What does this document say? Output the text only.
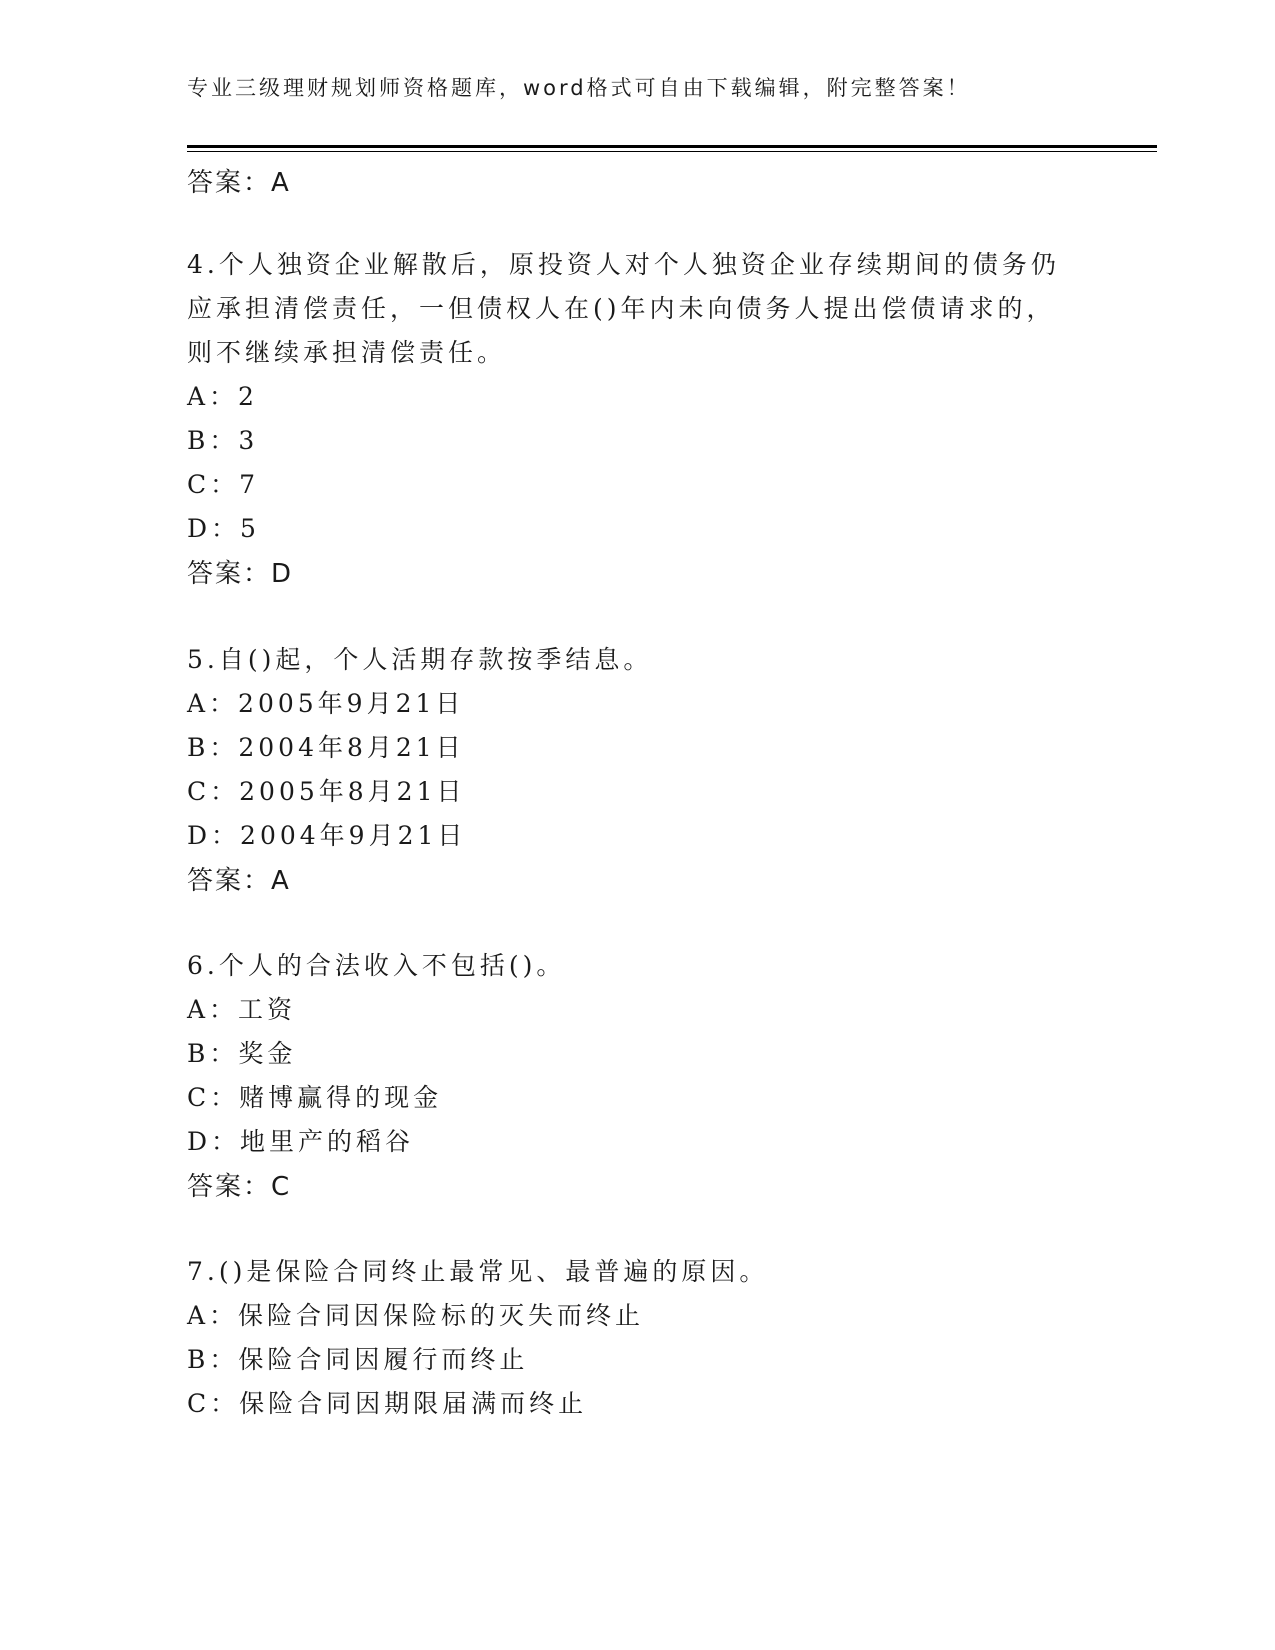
专业三级理财规划师资格题库，word格式可自由下载编辑，附完整答案！
答案：A
4.个人独资企业解散后，原投资人对个人独资企业存续期间的债务仍
应承担清偿责任，一但债权人在()年内未向债务人提出偿债请求的，
则不继续承担清偿责任。
A：2
B：3
C：7
D：5
答案：D
5.自()起，个人活期存款按季结息。
A：2005年9月21日
B：2004年8月21日
C：2005年8月21日
D：2004年9月21日
答案：A
6.个人的合法收入不包括()。
A：工资
B：奖金
C：赌博赢得的现金
D：地里产的稻谷
答案：C
7.()是保险合同终止最常见、最普遍的原因。
A：保险合同因保险标的灭失而终止
B：保险合同因履行而终止
C：保险合同因期限届满而终止
